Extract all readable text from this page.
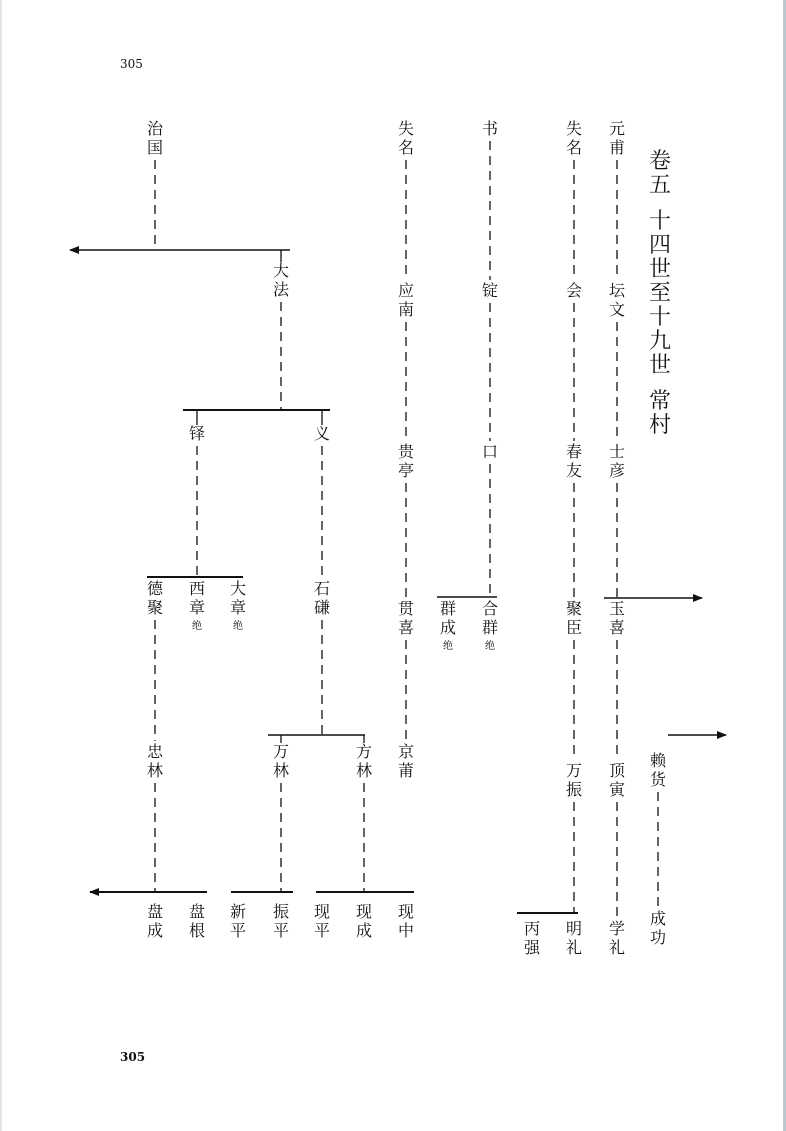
305
305
卷
五
十
四
世
至
十
九
世
常
村
治
国
大
法
铎	义
德
聚
西
章
绝
大
章
绝
石
磏
忠
林
万
林
方
林
盘
成
盘
根
新
平
振
平
现
平
现
成
现
中
失
名
应
南
贵
亭
贯
喜
京
莆
书
锭
口
群
成
绝
合
群
绝
失
名
会
春
友
聚
臣
万
振
丙
强
明
礼
元
甫
坛
文
士
彦
玉
喜
顶
寅
学
礼
赖
货
成
功
